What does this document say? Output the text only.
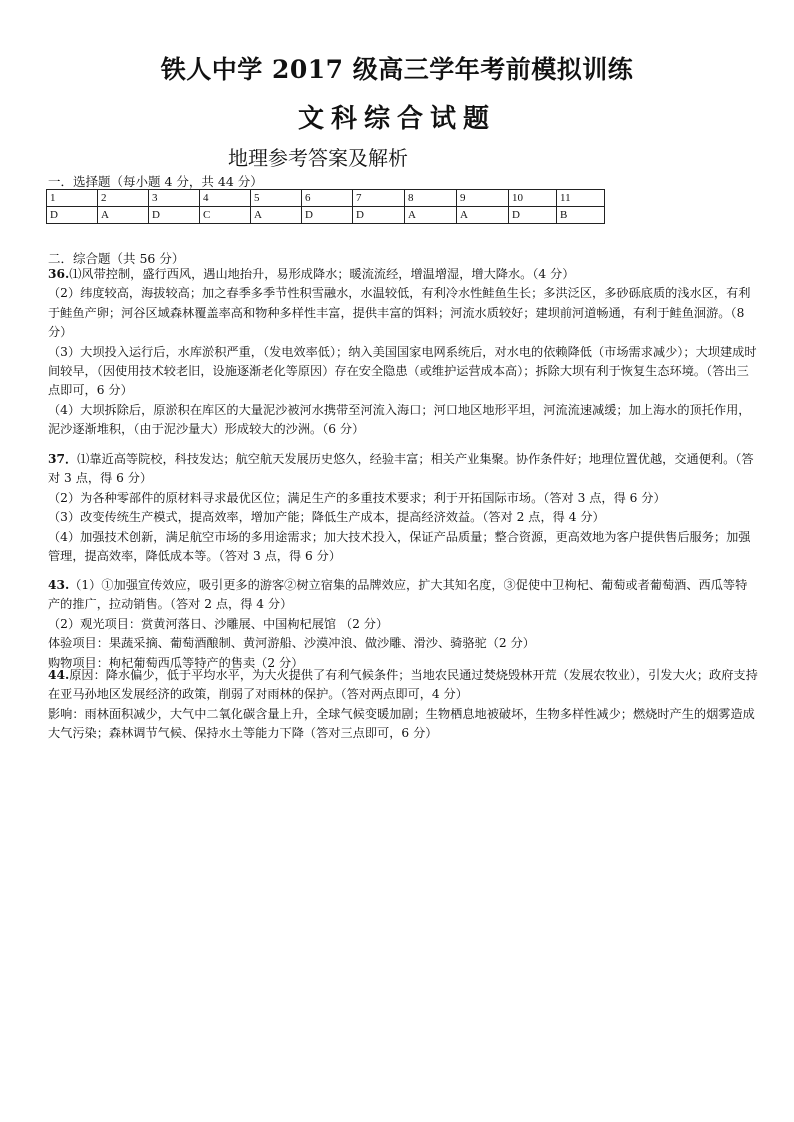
铁人中学 2017 级高三学年考前模拟训练
文科综合试题
地理参考答案及解析
一．选择题（每小题 4 分，共 44 分）
1	2	3	4	5	6	7	8	9	10	11
D	A	D	C	A	D	D	A	A	D	B
二．综合题（共 56 分）

36.⑴风带控制，盛行西风，遇山地抬升，易形成降水；暖流流经，增温增湿，增大降水。（4 分）

（2）纬度较高，海拔较高；加之春季多季节性积雪融水，水温较低，有利冷水性鲑鱼生长；多洪泛区，多砂砾底质的浅水区，有利于鲑鱼产卵；河谷区域森林覆盖率高和物种多样性丰富，提供丰富的饵料；河流水质较好；建坝前河道畅通，有利于鲑鱼洄游。（8 分）

（3）大坝投入运行后，水库淤积严重，（发电效率低）；纳入美国国家电网系统后，对水电的依赖降低（市场需求减少）；大坝建成时间较早，（因使用技术较老旧，设施逐渐老化等原因）存在安全隐患（或维护运营成本高）；拆除大坝有利于恢复生态环境。（答出三点即可，6 分）

（4）大坝拆除后，原淤积在库区的大量泥沙被河水携带至河流入海口；河口地区地形平坦，河流流速减缓；加上海水的顶托作用，泥沙逐渐堆积，（由于泥沙量大）形成较大的沙洲。（6 分）

37．⑴靠近高等院校，科技发达；航空航天发展历史悠久，经验丰富；相关产业集聚。协作条件好；地理位置优越，交通便利。（答对 3 点，得 6 分）

（2）为各种零部件的原材料寻求最优区位；满足生产的多重技术要求；利于开拓国际市场。（答对 3 点，得 6 分）

（3）改变传统生产模式，提高效率，增加产能；降低生产成本，提高经济效益。（答对 2 点，得 4 分）

（4）加强技术创新，满足航空市场的多用途需求；加大技术投入，保证产品质量；整合资源，更高效地为客户提供售后服务；加强管理，提高效率，降低成本等。（答对 3 点，得 6 分）

43.（1）①加强宣传效应，吸引更多的游客②树立宿集的品牌效应，扩大其知名度，③促使中卫枸杞、葡萄或者葡萄酒、西瓜等特产的推广，拉动销售。（答对 2 点，得 4 分）

（2）观光项目：赏黄河落日、沙雕展、中国枸杞展馆 （2 分）

体验项目：果蔬采摘、葡萄酒酿制、黄河游船、沙漠冲浪、做沙雕、滑沙、骑骆驼（2 分）

购物项目：枸杞葡萄西瓜等特产的售卖（2 分）

44.原因：降水偏少，低于平均水平，为大火提供了有利气候条件；当地农民通过焚烧毁林开荒（发展农牧业），引发大火；政府支持在亚马孙地区发展经济的政策，削弱了对雨林的保护。（答对两点即可，4 分）

影响：雨林面积减少，大气中二氧化碳含量上升，全球气候变暖加剧；生物栖息地被破坏，生物多样性减少；燃烧时产生的烟雾造成大气污染；森林调节气候、保持水土等能力下降（答对三点即可，6 分）
